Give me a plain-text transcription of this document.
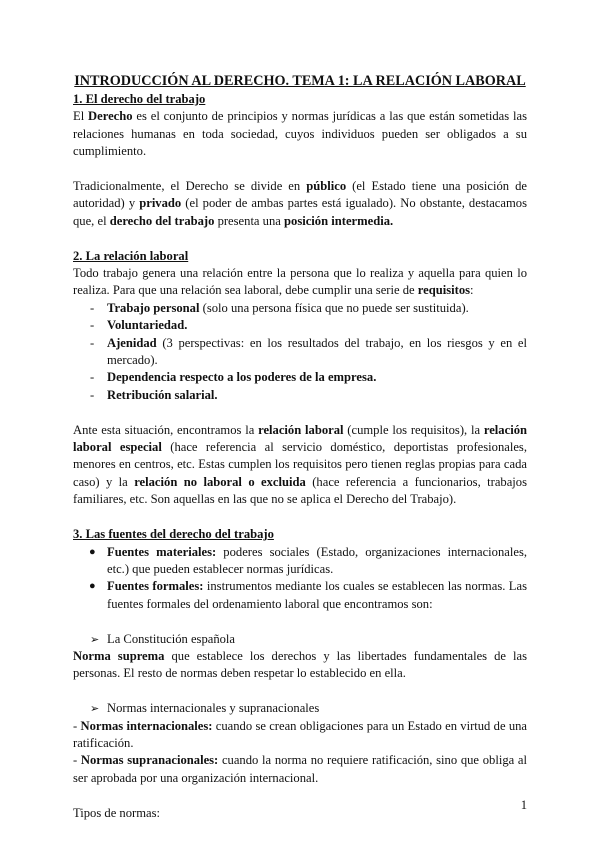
INTRODUCCIÓN AL DERECHO. TEMA 1: LA RELACIÓN LABORAL
1. El derecho del trabajo

El Derecho es el conjunto de principios y normas jurídicas a las que están sometidas las relaciones humanas en toda sociedad, cuyos individuos pueden ser obligados a su cumplimiento.

Tradicionalmente, el Derecho se divide en público (el Estado tiene una posición de autoridad) y privado (el poder de ambas partes está igualado). No obstante, destacamos que, el derecho del trabajo presenta una posición intermedia.

2. La relación laboral

Todo trabajo genera una relación entre la persona que lo realiza y aquella para quien lo realiza. Para que una relación sea laboral, debe cumplir una serie de requisitos:

- Trabajo personal (solo una persona física que no puede ser sustituida).
- Voluntariedad.
- Ajenidad (3 perspectivas: en los resultados del trabajo, en los riesgos y en el mercado).
- Dependencia respecto a los poderes de la empresa.
- Retribución salarial.

Ante esta situación, encontramos la relación laboral (cumple los requisitos), la relación laboral especial (hace referencia al servicio doméstico, deportistas profesionales, menores en centros, etc. Estas cumplen los requisitos pero tienen reglas propias para cada caso) y la relación no laboral o excluida (hace referencia a funcionarios, trabajos familiares, etc. Son aquellas en las que no se aplica el Derecho del Trabajo).

3. Las fuentes del derecho del trabajo
● Fuentes materiales: poderes sociales (Estado, organizaciones internacionales, etc.) que pueden establecer normas jurídicas.
● Fuentes formales: instrumentos mediante los cuales se establecen las normas. Las fuentes formales del ordenamiento laboral que encontramos son:

➢ La Constitución española

Norma suprema que establece los derechos y las libertades fundamentales de las personas. El resto de normas deben respetar lo establecido en ella.

➢ Normas internacionales y supranacionales

- Normas internacionales: cuando se crean obligaciones para un Estado en virtud de una ratificación.

- Normas supranacionales: cuando la norma no requiere ratificación, sino que obliga al ser aprobada por una organización internacional.

Tipos de normas:

1
